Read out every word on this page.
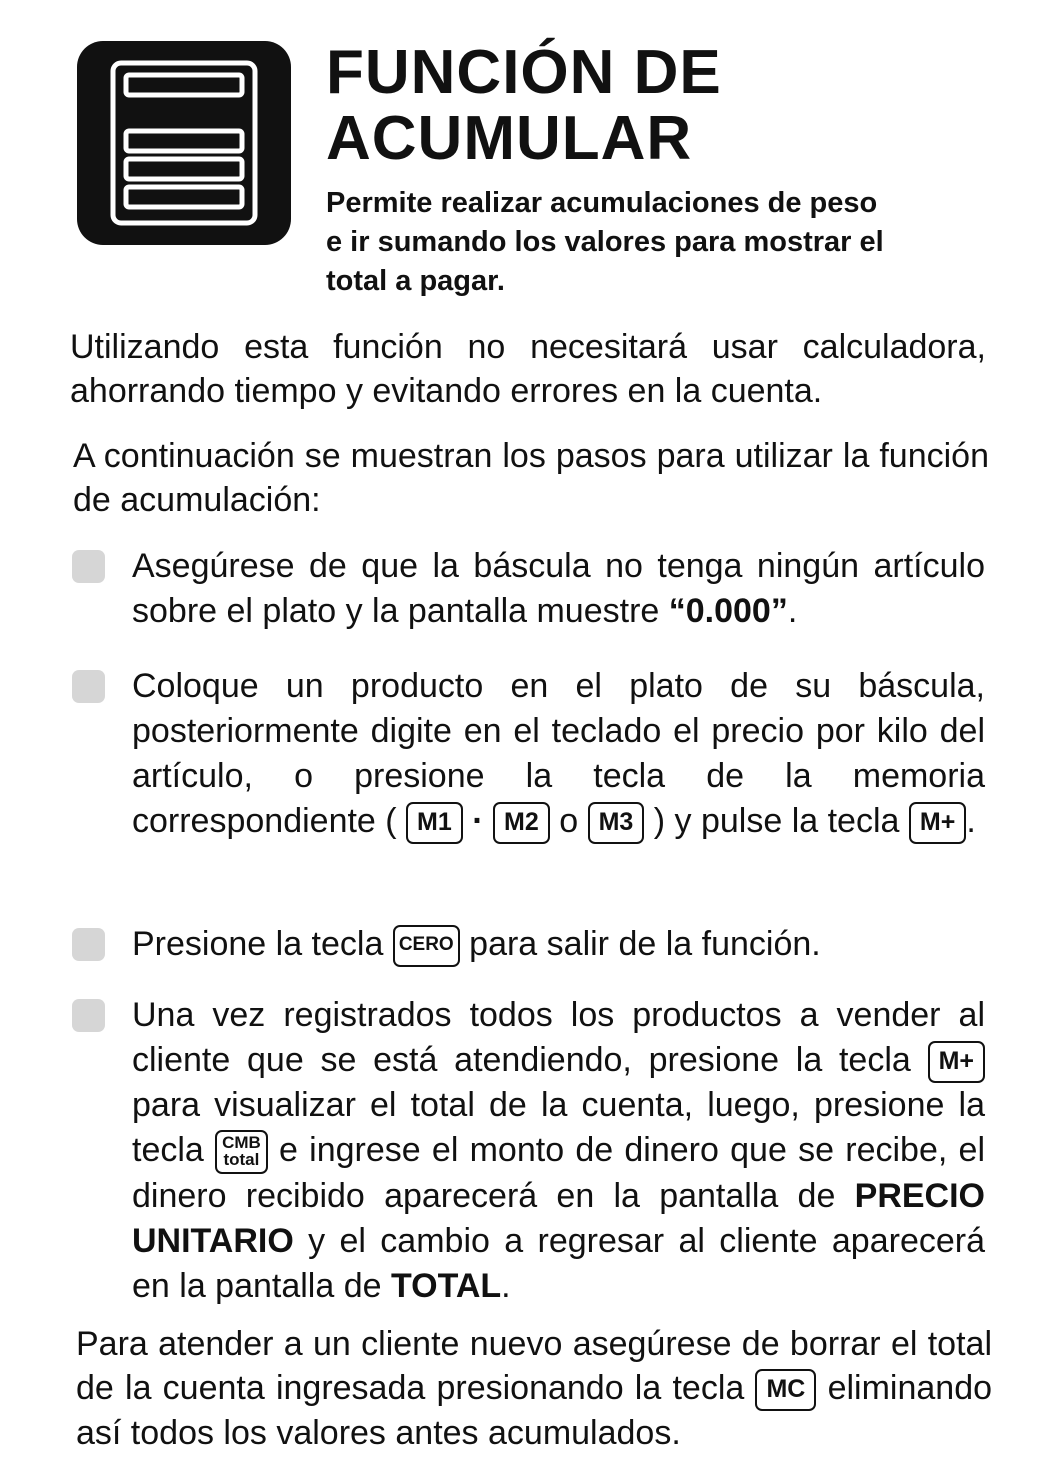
FUNCIÓN DE
ACUMULAR

Permite realizar acumulaciones de peso e ir sumando los valores para mostrar el total a pagar.

Utilizando esta función no necesitará usar calculadora, ahorrando tiempo y evitando errores en la cuenta.

A continuación se muestran los pasos para utilizar la función de acumulación:

Asegúrese de que la báscula no tenga ningún artículo sobre el plato y la pantalla muestre “0.000”.

Coloque un producto en el plato de su báscula, posteriormente digite en el teclado el precio por kilo del artículo, o presione la tecla de la memoria correspondiente ( M1 · M2 o M3 ) y pulse la tecla M+ .

Presione la tecla CERO para salir de la función.

Una vez registrados todos los productos a vender al cliente que se está atendiendo, presione la tecla M+ para visualizar el total de la cuenta, luego, presione la tecla CMB
total e ingrese el monto de dinero que se recibe, el dinero recibido aparecerá en la pantalla de PRECIO UNITARIO y el cambio a regresar al cliente aparecerá en la pantalla de TOTAL.

Para atender a un cliente nuevo asegúrese de borrar el total de la cuenta ingresada presionando la tecla MC eliminando así todos los valores antes acumulados.
